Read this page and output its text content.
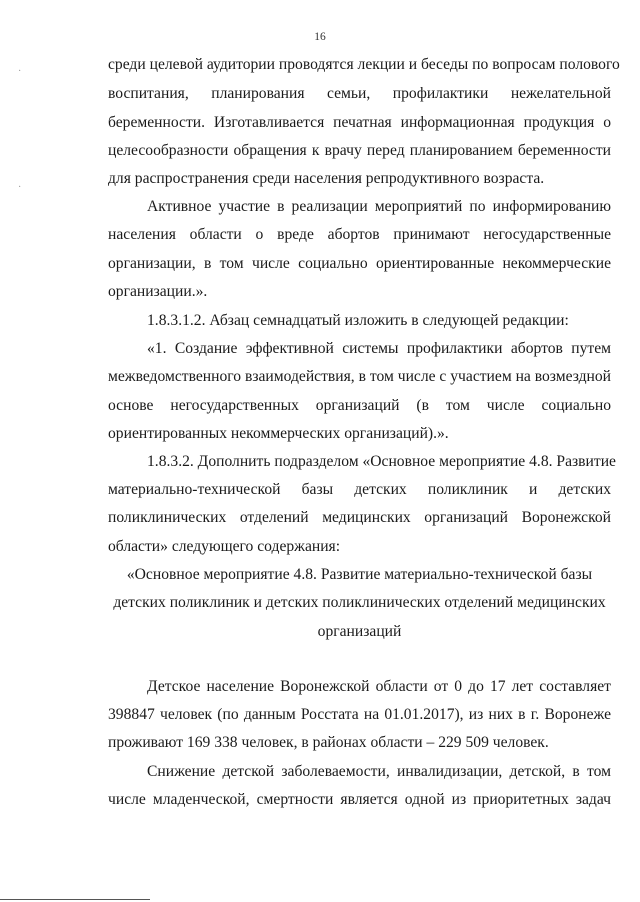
16
·
·
среди целевой аудитории проводятся лекции и беседы по вопросам полового
воспитания, планирования семьи, профилактики нежелательной
беременности. Изготавливается печатная информационная продукция о
целесообразности обращения к врачу перед планированием беременности
для распространения среди населения репродуктивного возраста.
Активное участие в реализации мероприятий по информированию
населения области о вреде абортов принимают негосударственные
организации, в том числе социально ориентированные некоммерческие
организации.».
1.8.3.1.2. Абзац семнадцатый изложить в следующей редакции:
«1. Создание эффективной системы профилактики абортов путем
межведомственного взаимодействия, в том числе с участием на возмездной
основе негосударственных организаций (в том числе социально
ориентированных некоммерческих организаций).».
1.8.3.2. Дополнить подразделом «Основное мероприятие 4.8. Развитие
материально-технической базы детских поликлиник и детских
поликлинических отделений медицинских организаций Воронежской
области» следующего содержания:
«Основное мероприятие 4.8. Развитие материально-технической базы
детских поликлиник и детских поликлинических отделений медицинских
организаций
Детское население Воронежской области от 0 до 17 лет составляет
398847 человек (по данным Росстата на 01.01.2017), из них в г. Воронеже
проживают 169 338 человек, в районах области – 229 509 человек.
Снижение детской заболеваемости, инвалидизации, детской, в том
числе младенческой, смертности является одной из приоритетных задач
